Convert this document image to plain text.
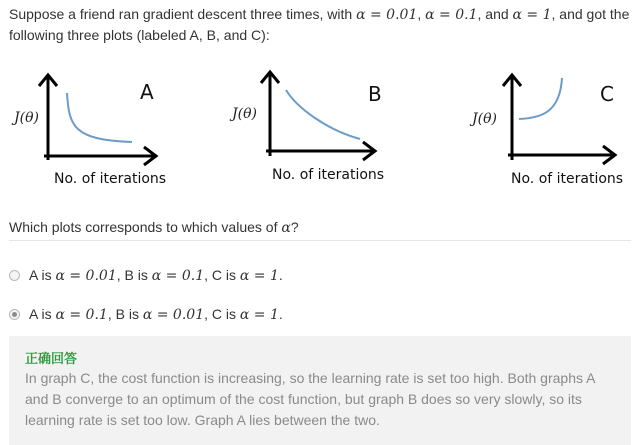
Suppose a friend ran gradient descent three times, with α = 0.01, α = 0.1, and α = 1, and got the following three plots (labeled A, B, and C):
A
J(θ)
No. of iterations
B
J(θ)
No. of iterations
C
J(θ)
No. of iterations
Which plots corresponds to which values of α?
A is α = 0.01, B is α = 0.1, C is α = 1.
A is α = 0.1, B is α = 0.01, C is α = 1.
正确回答
In graph C, the cost function is increasing, so the learning rate is set too high. Both graphs A and B converge to an optimum of the cost function, but graph B does so very slowly, so its learning rate is set too low. Graph A lies between the two.
